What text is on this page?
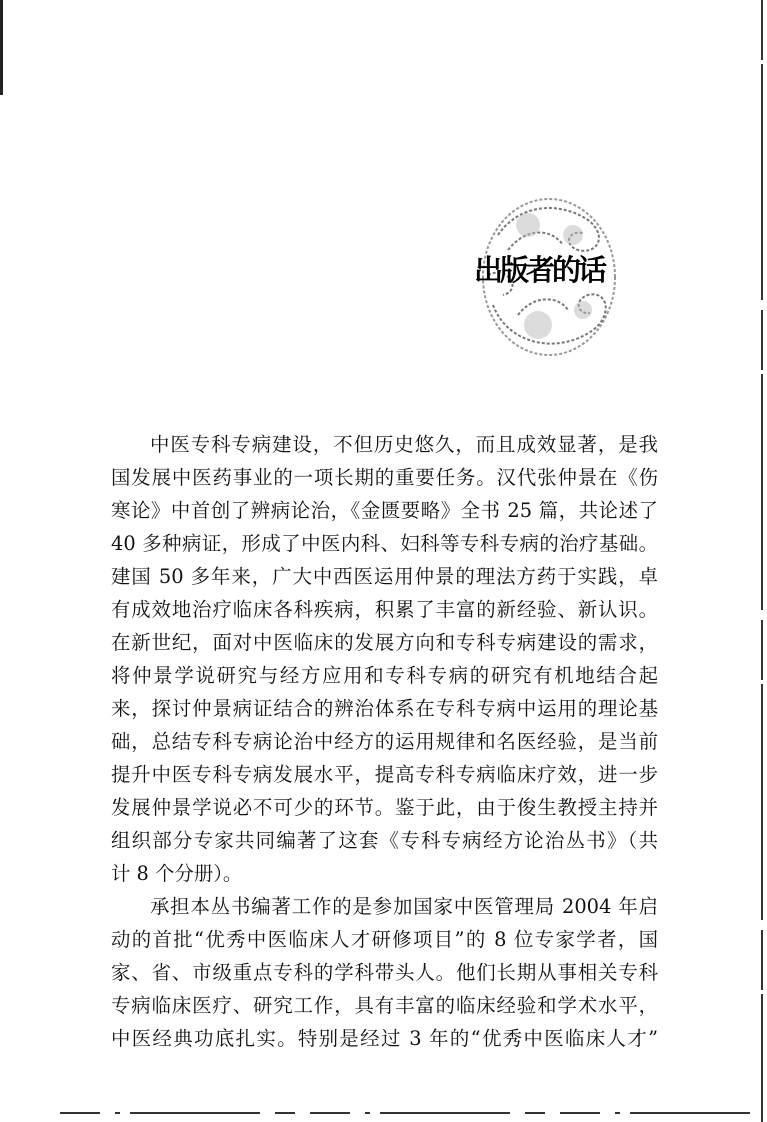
出版者的话
中医专科专病建设，不但历史悠久，而且成效显著，是我
国发展中医药事业的一项长期的重要任务。汉代张仲景在《伤
寒论》中首创了辨病论治，《金匮要略》全书 25 篇，共论述了
40 多种病证，形成了中医内科、妇科等专科专病的治疗基础。
建国 50 多年来，广大中西医运用仲景的理法方药于实践，卓
有成效地治疗临床各科疾病，积累了丰富的新经验、新认识。
在新世纪，面对中医临床的发展方向和专科专病建设的需求，
将仲景学说研究与经方应用和专科专病的研究有机地结合起
来，探讨仲景病证结合的辨治体系在专科专病中运用的理论基
础，总结专科专病论治中经方的运用规律和名医经验，是当前
提升中医专科专病发展水平，提高专科专病临床疗效，进一步
发展仲景学说必不可少的环节。鉴于此，由于俊生教授主持并
组织部分专家共同编著了这套《专科专病经方论治丛书》（共
计 8 个分册）。
承担本丛书编著工作的是参加国家中医管理局 2004 年启
动的首批“优秀中医临床人才研修项目”的 8 位专家学者，国
家、省、市级重点专科的学科带头人。他们长期从事相关专科
专病临床医疗、研究工作，具有丰富的临床经验和学术水平，
中医经典功底扎实。特别是经过 3 年的“优秀中医临床人才”
